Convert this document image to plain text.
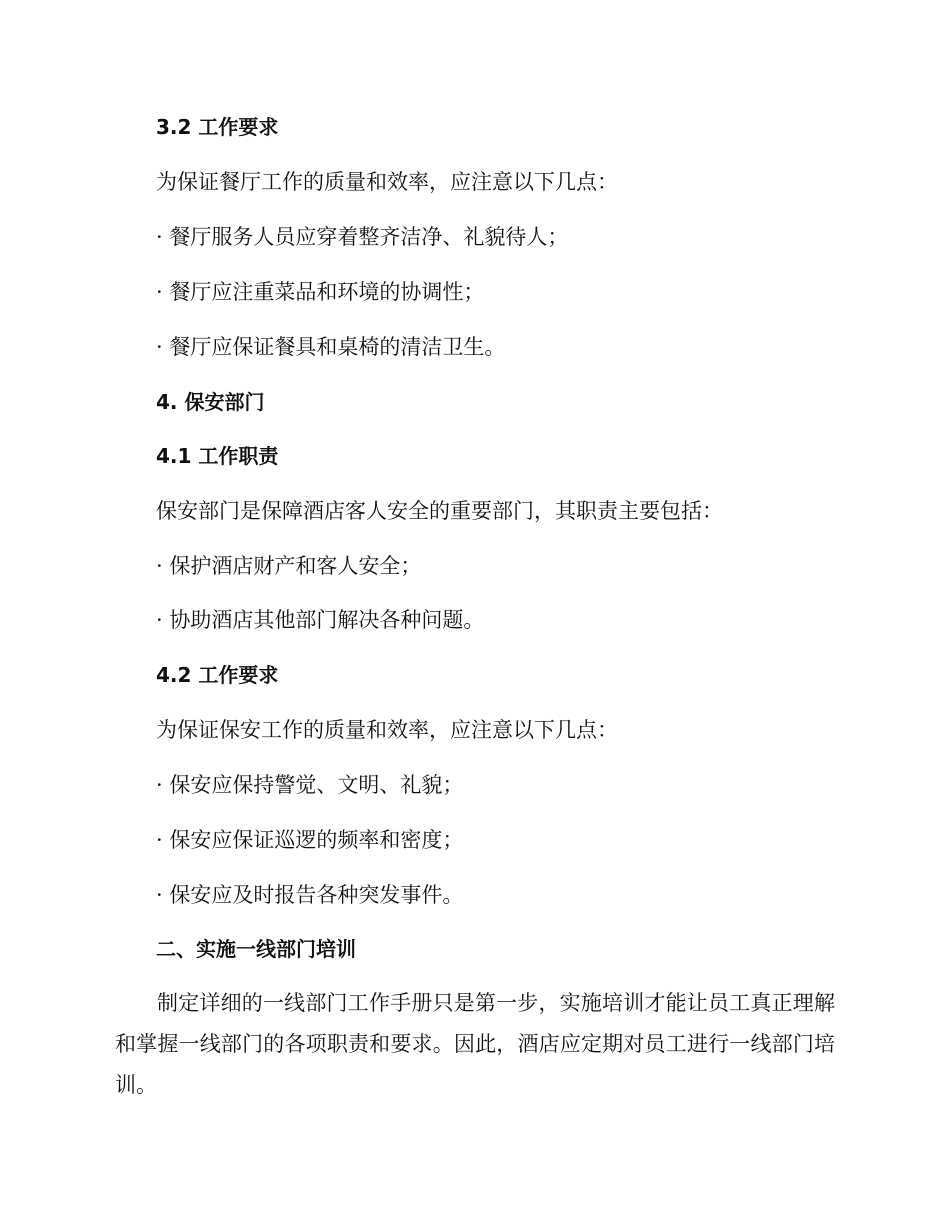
3.2 工作要求
为保证餐厅工作的质量和效率，应注意以下几点：
· 餐厅服务人员应穿着整齐洁净、礼貌待人；
· 餐厅应注重菜品和环境的协调性；
· 餐厅应保证餐具和桌椅的清洁卫生。
4. 保安部门
4.1 工作职责
保安部门是保障酒店客人安全的重要部门，其职责主要包括：
· 保护酒店财产和客人安全；
· 协助酒店其他部门解决各种问题。
4.2 工作要求
为保证保安工作的质量和效率，应注意以下几点：
· 保安应保持警觉、文明、礼貌；
· 保安应保证巡逻的频率和密度；
· 保安应及时报告各种突发事件。
二、实施一线部门培训

制定详细的一线部门工作手册只是第一步，实施培训才能让员工真正理解和掌握一线部门的各项职责和要求。因此，酒店应定期对员工进行一线部门培训。
